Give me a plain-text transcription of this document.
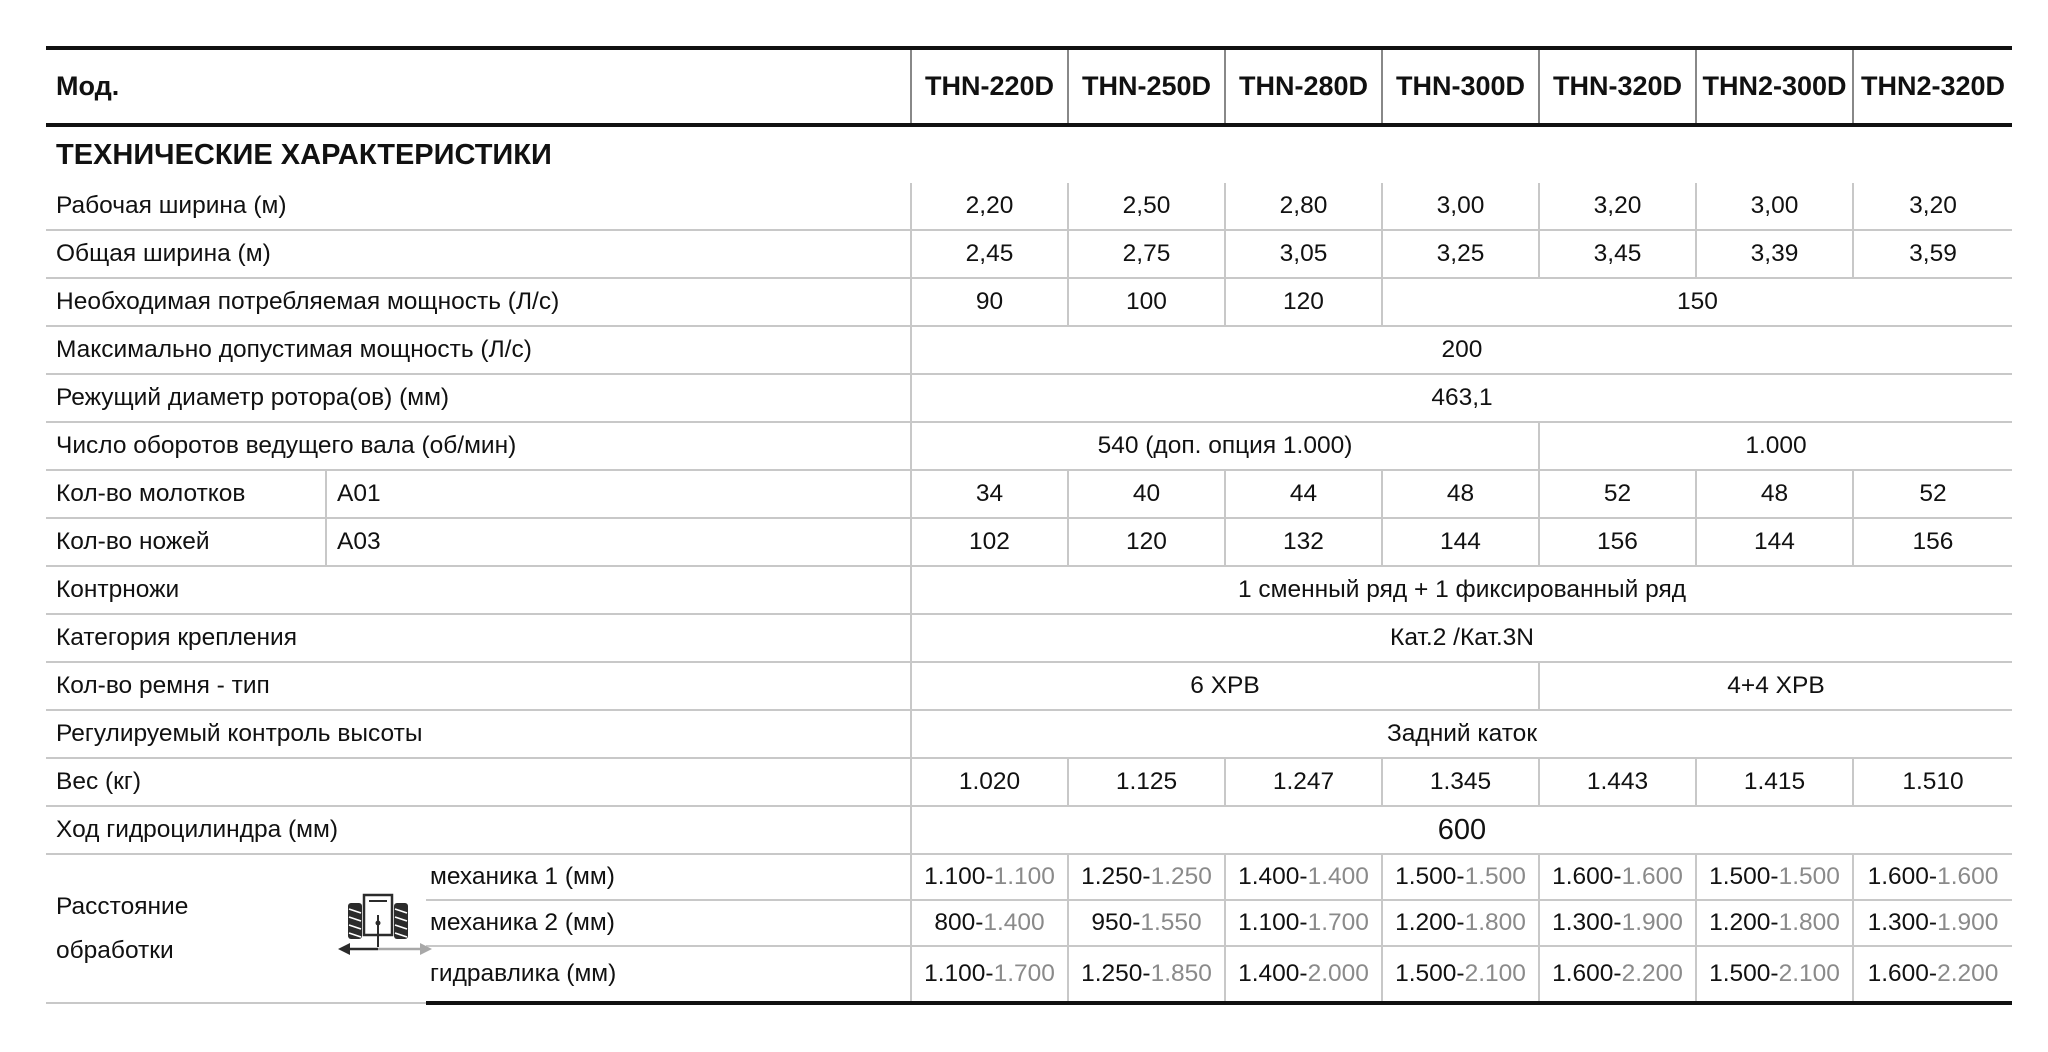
Мод.			THN-220D	THN-250D	THN-280D	THN-300D	THN-320D	THN2-300D	THN2-320D
ТЕХНИЧЕСКИЕ ХАРАКТЕРИСТИКИ									
Рабочая ширина (м)			2,20	2,50	2,80	3,00	3,20	3,00	3,20
Общая ширина (м)			2,45	2,75	3,05	3,25	3,45	3,39	3,59
Необходимая потребляемая мощность (Л/с)			90	100	120	150			
Максимально допустимая мощность (Л/с)			200						
Режущий диаметр ротора(ов) (мм)			463,1						
Число оборотов ведущего вала (об/мин)			540 (доп. опция 1.000)				1.000		
Кол-во молотков	A01		34	40	44	48	52	48	52
Кол-во ножей	A03		102	120	132	144	156	144	156
Контрножи			1 сменный ряд + 1 фиксированный ряд						
Категория крепления			Кат.2 /Кат.3N						
Кол-во ремня - тип			6 XPB				4+4 XPB		
Регулируемый контроль высоты			Задний каток						
Вес (кг)			1.020	1.125	1.247	1.345	1.443	1.415	1.510
Ход гидроцилиндра (мм)			600						

Расстояние
обработки		механика 1 (мм)	1.100-1.100	1.250-1.250	1.400-1.400	1.500-1.500	1.600-1.600	1.500-1.500	1.600-1.600
		механика 2 (мм)	800-1.400	950-1.550	1.100-1.700	1.200-1.800	1.300-1.900	1.200-1.800	1.300-1.900
		гидравлика (мм)	1.100-1.700	1.250-1.850	1.400-2.000	1.500-2.100	1.600-2.200	1.500-2.100	1.600-2.200
